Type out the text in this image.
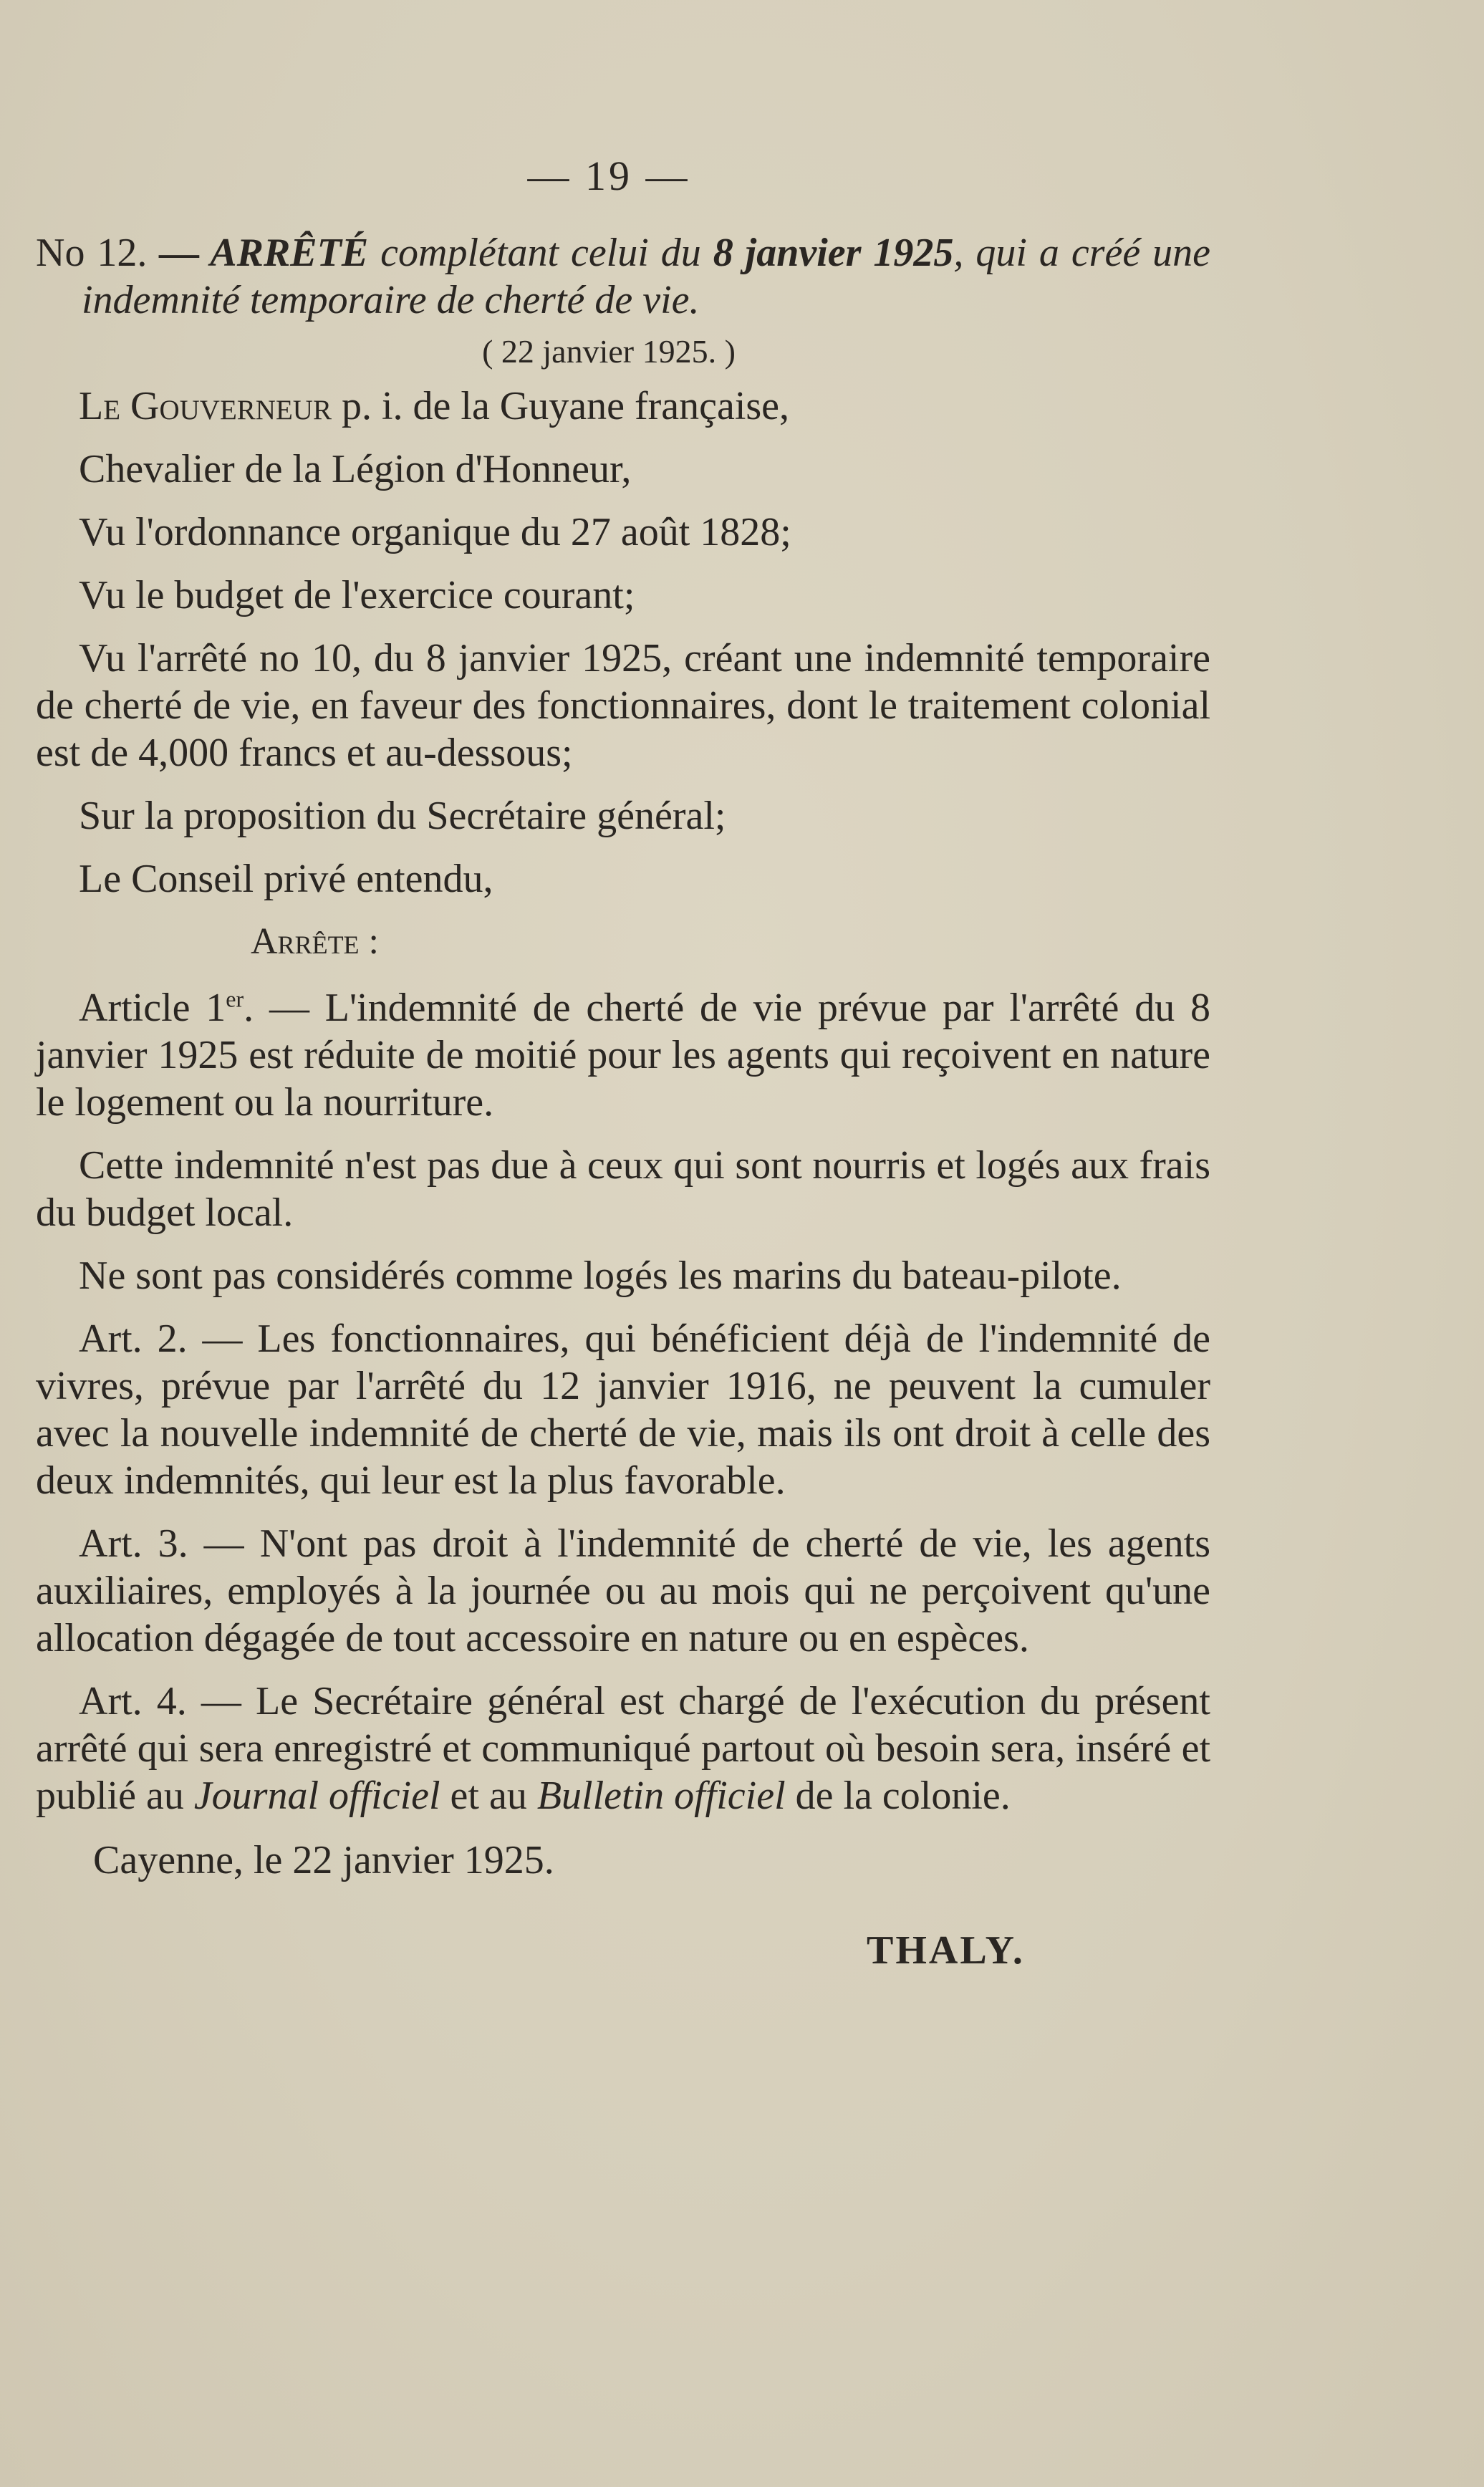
— 19 —

No 12. — ARRÊTÉ complétant celui du 8 janvier 1925, qui a créé une indemnité temporaire de cherté de vie.

( 22 janvier 1925. )

Le Gouverneur p. i. de la Guyane française,

Chevalier de la Légion d'Honneur,

Vu l'ordonnance organique du 27 août 1828;

Vu le budget de l'exercice courant;

Vu l'arrêté no 10, du 8 janvier 1925, créant une indemnité temporaire de cherté de vie, en faveur des fonctionnaires, dont le traitement colonial est de 4,000 francs et au-dessous;

Sur la proposition du Secrétaire général;

Le Conseil privé entendu,

Arrête :

Article 1er. — L'indemnité de cherté de vie prévue par l'arrêté du 8 janvier 1925 est réduite de moitié pour les agents qui reçoivent en nature le logement ou la nourriture.

Cette indemnité n'est pas due à ceux qui sont nourris et logés aux frais du budget local.

Ne sont pas considérés comme logés les marins du bateau-pilote.

Art. 2. — Les fonctionnaires, qui bénéficient déjà de l'indemnité de vivres, prévue par l'arrêté du 12 janvier 1916, ne peuvent la cumuler avec la nouvelle indemnité de cherté de vie, mais ils ont droit à celle des deux indemnités, qui leur est la plus favorable.

Art. 3. — N'ont pas droit à l'indemnité de cherté de vie, les agents auxiliaires, employés à la journée ou au mois qui ne perçoivent qu'une allocation dégagée de tout accessoire en nature ou en espèces.

Art. 4. — Le Secrétaire général est chargé de l'exécution du présent arrêté qui sera enregistré et communiqué partout où besoin sera, inséré et publié au Journal officiel et au Bulletin officiel de la colonie.

Cayenne, le 22 janvier 1925.

THALY.
